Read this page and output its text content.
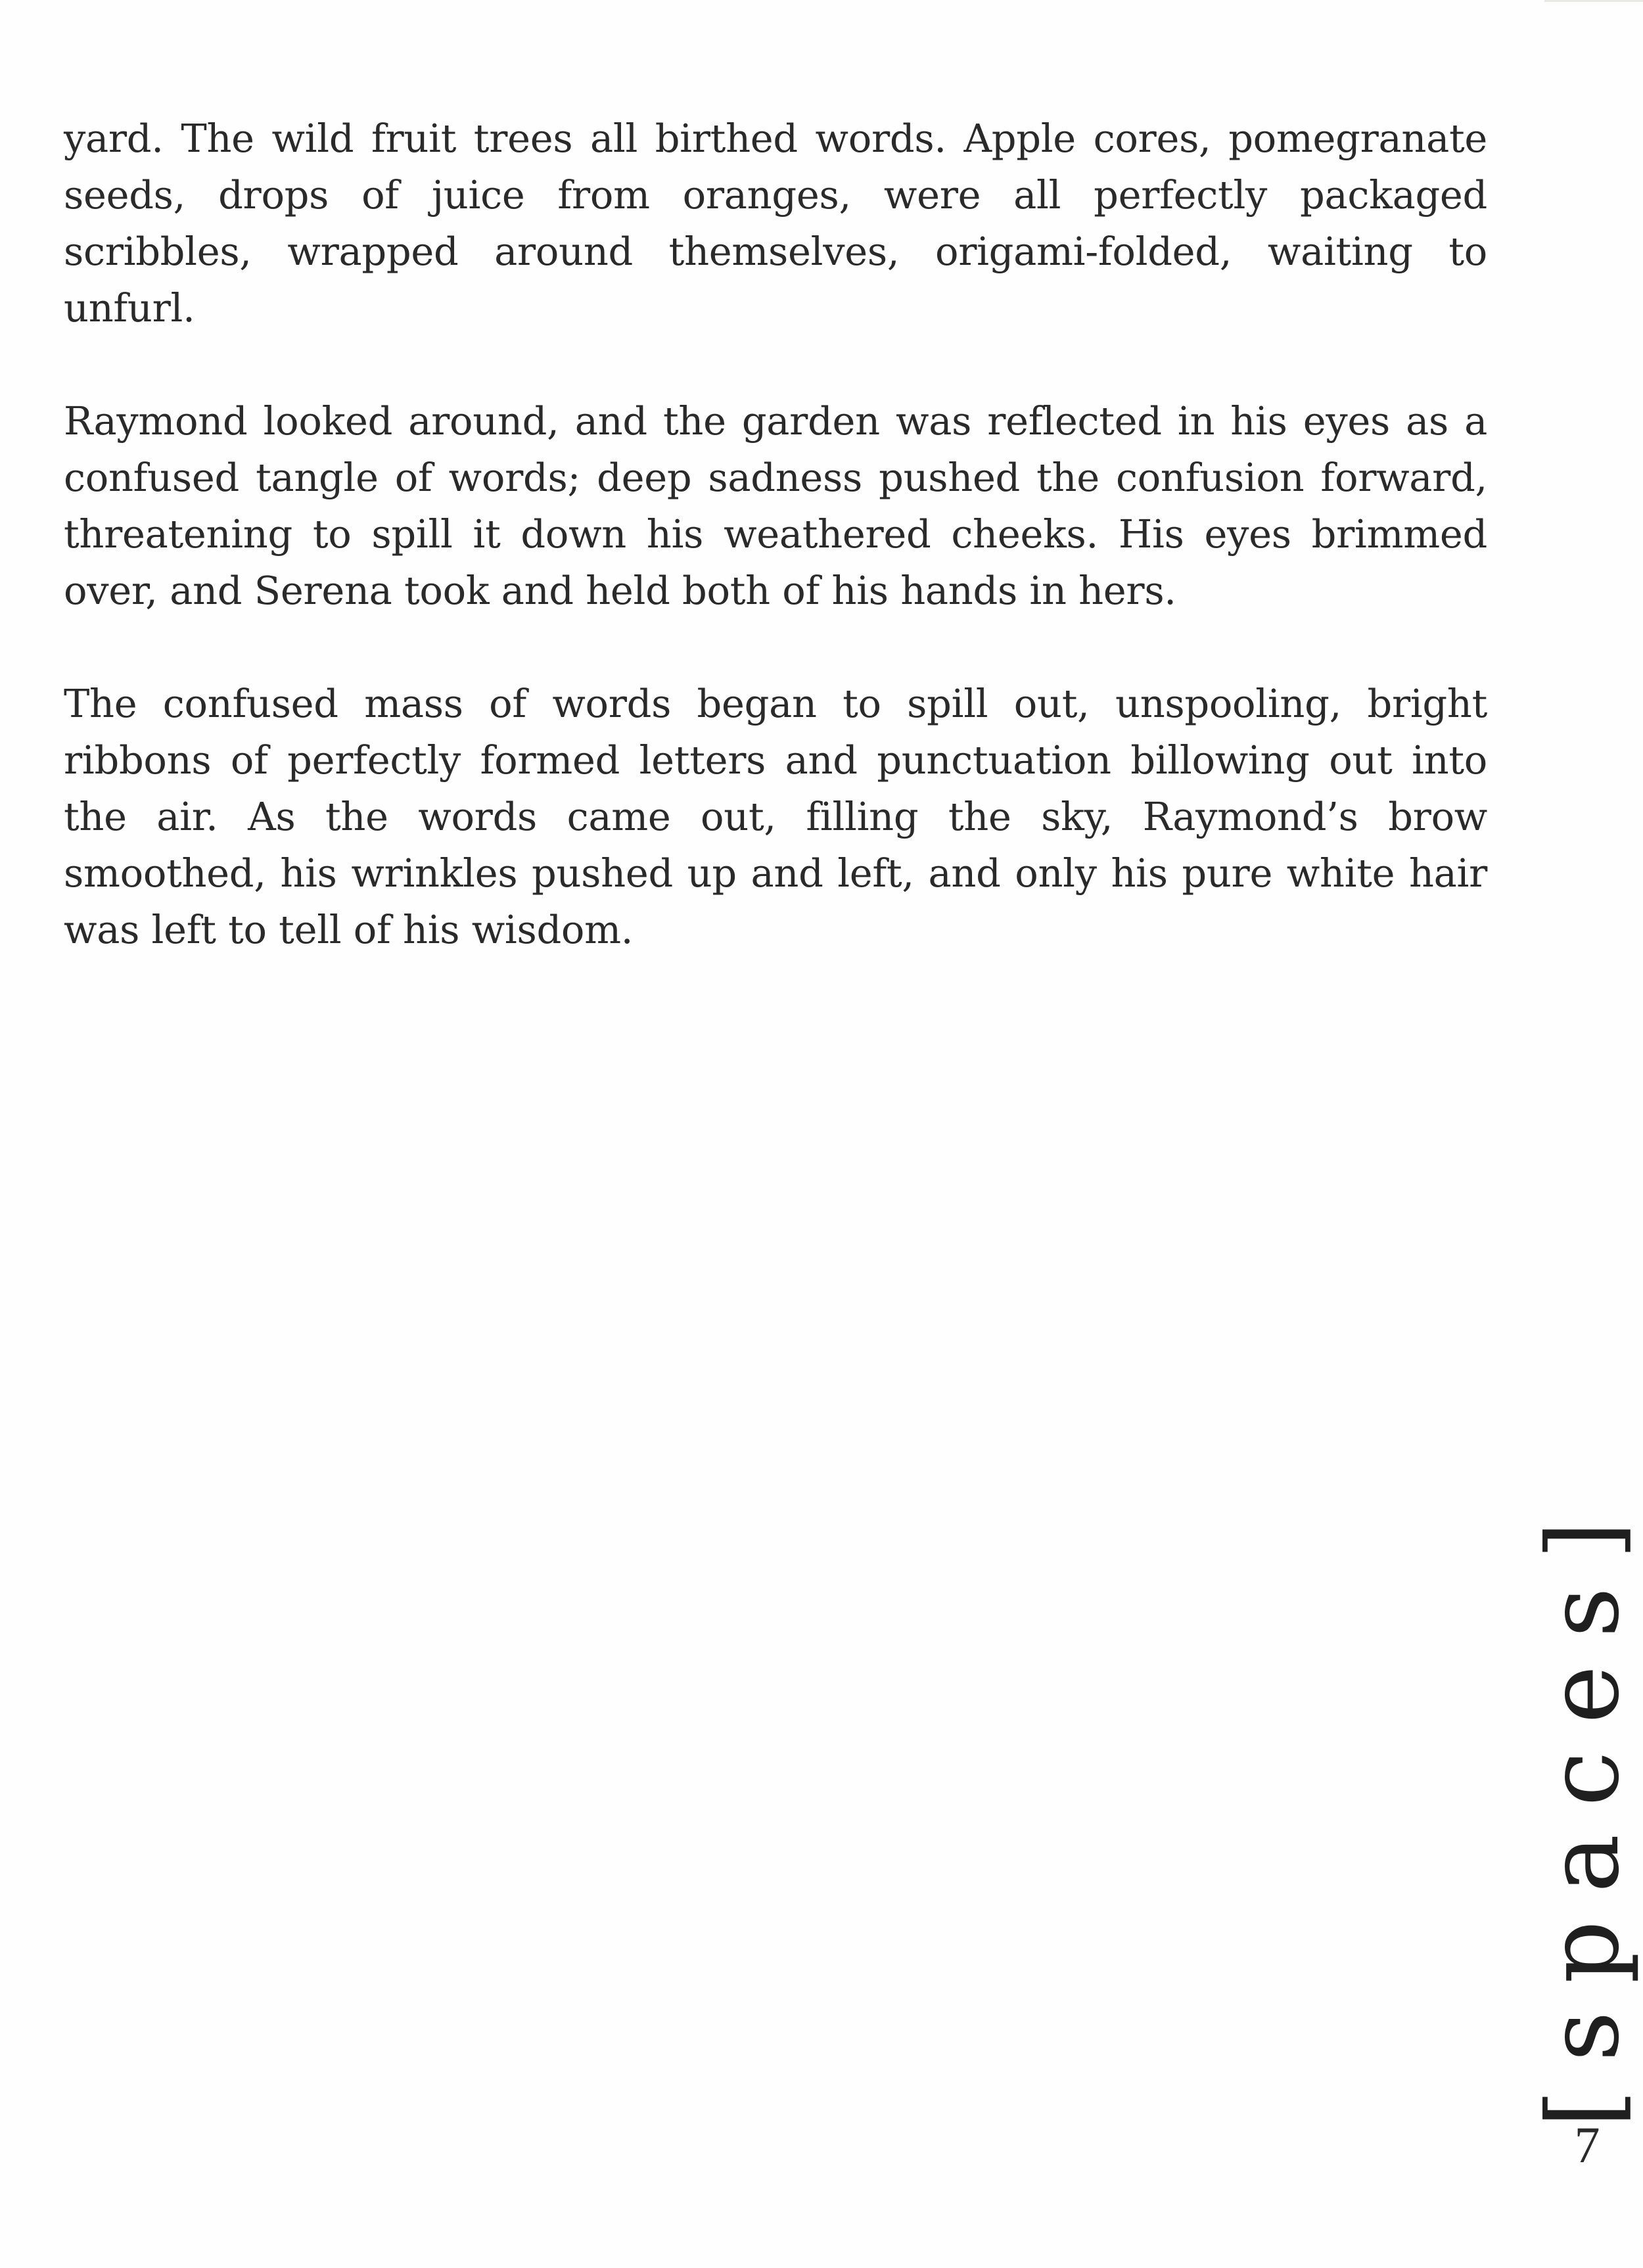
yard. The wild fruit trees all birthed words. Apple cores, pomegranate seeds, drops of juice from oranges, were all perfectly packaged scribbles, wrapped around themselves, origami-folded, waiting to unfurl.

Raymond looked around, and the garden was reflected in his eyes as a confused tangle of words; deep sadness pushed the confusion forward, threatening to spill it down his weathered cheeks. His eyes brimmed over, and Serena took and held both of his hands in hers.

The confused mass of words began to spill out, unspooling, bright ribbons of perfectly formed letters and punctuation billowing out into the air. As the words came out, filling the sky, Raymond’s brow smoothed, his wrinkles pushed up and left, and only his pure white hair was left to tell of his wisdom.

[spaces]
7
